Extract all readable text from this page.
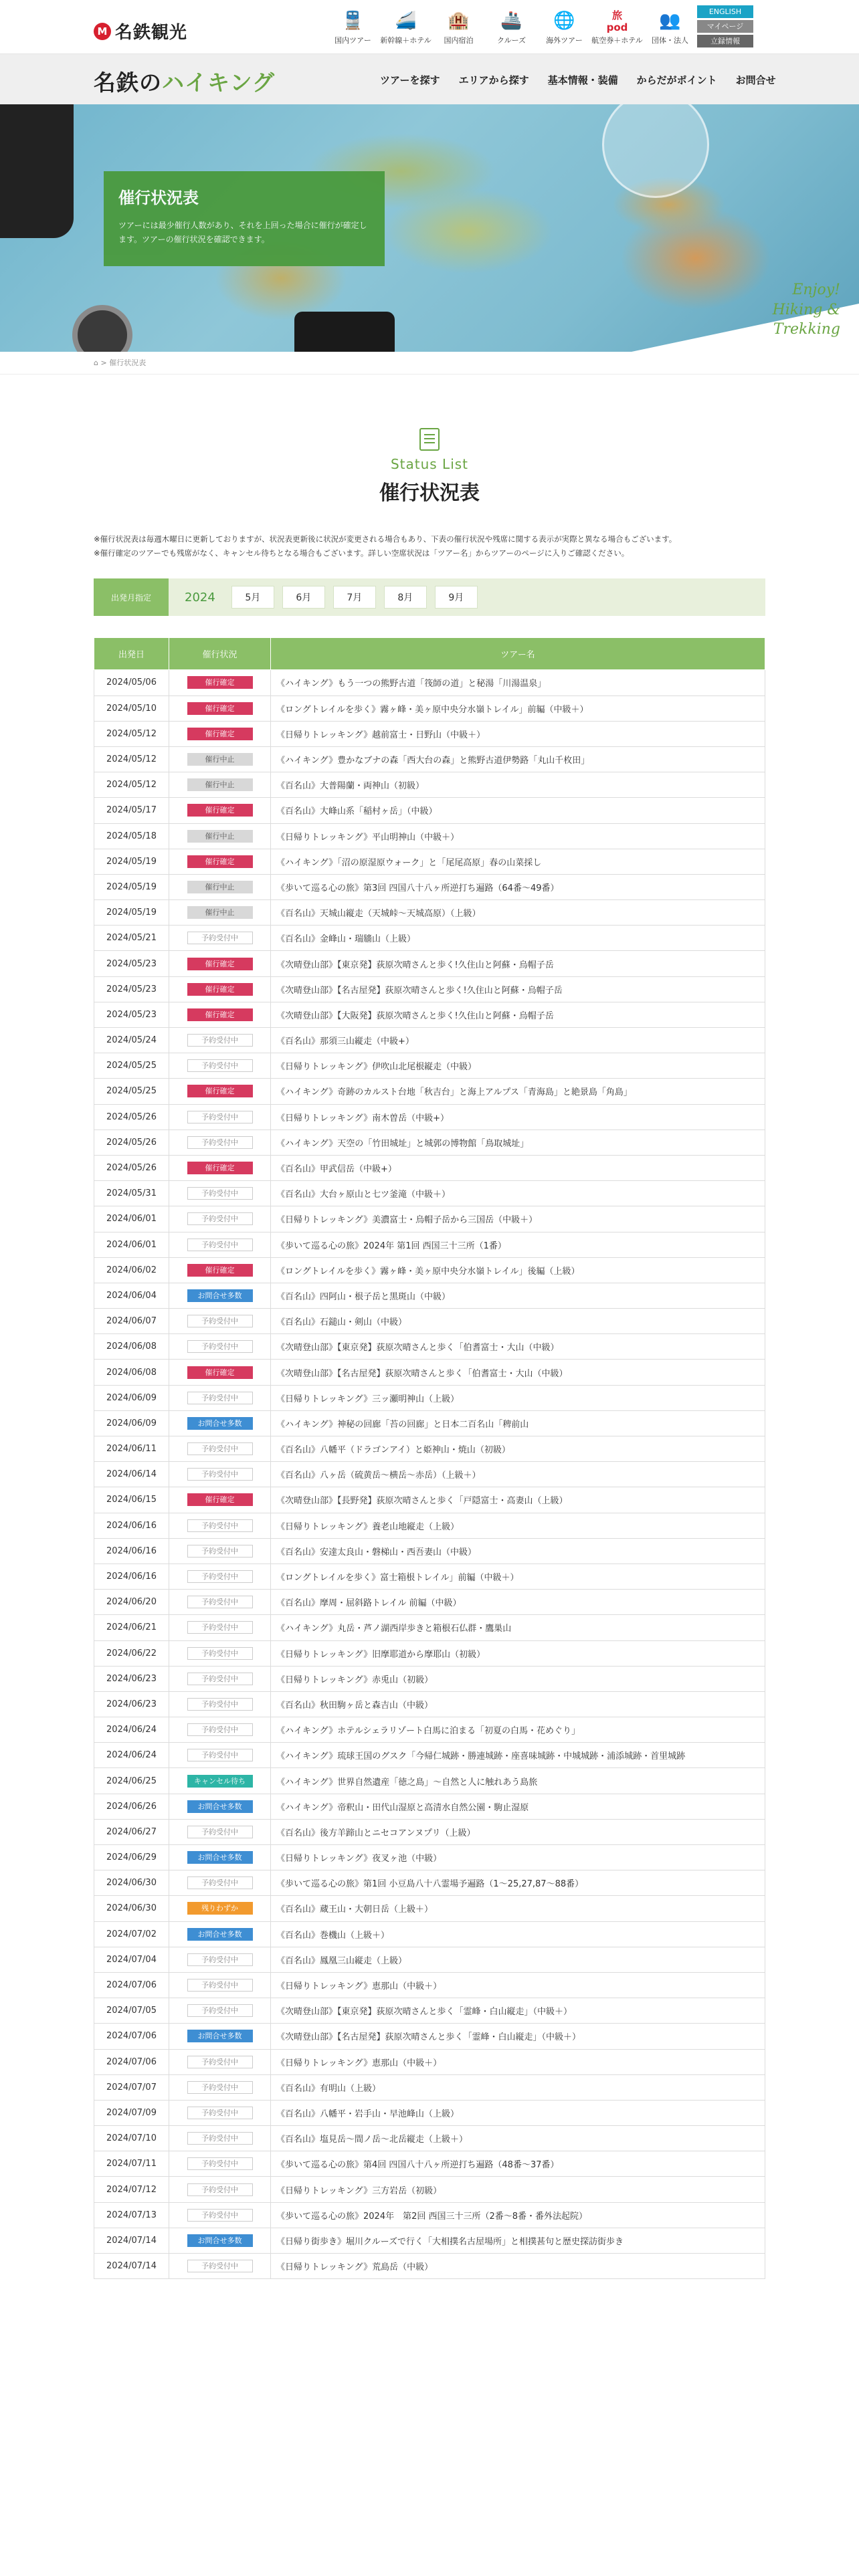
M 名鉄観光
🚆
国内ツアー
🚄
新幹線＋ホテル
🏨
国内宿泊
🚢
クルーズ
🌐
海外ツアー
旅pod
航空券＋ホテル
👥
団体・法人
ENGLISH
マイページ
立録情報
名鉄のハイキング	ツアーを探す エリアから探す 基本情報・装備 からだがポイント お問合せ
Enjoy!
Hiking & Trekking
催行状況表

ツアーには最少催行人数があり、それを上回った場合に催行が確定します。ツアーの催行状況を確認できます。

⌂ > 催行状況表
Status List
催行状況表

※催行状況表は毎週木曜日に更新しておりますが、状況表更新後に状況が変更される場合もあり、下表の催行状況や残席に関する表示が実際と異なる場合もございます。

※催行確定のツアーでも残席がなく、キャンセル待ちとなる場合もございます。詳しい空席状況は「ツアー名」からツアーのページに入りご確認ください。

出発月指定	2024	5月	6月	7月	8月	9月
出発日	催行状況	ツアー名
2024/05/06	催行確定	《ハイキング》もう一つの熊野古道「筏師の道」と秘湯「川湯温泉」
2024/05/10	催行確定	《ロングトレイルを歩く》霧ヶ峰・美ヶ原中央分水嶺トレイル」前編（中級＋）
2024/05/12	催行確定	《日帰りトレッキング》越前富士・日野山（中級＋）
2024/05/12	催行中止	《ハイキング》豊かなブナの森「西大台の森」と熊野古道伊勢路「丸山千枚田」
2024/05/12	催行中止	《百名山》大普陽蘭・両神山（初級）
2024/05/17	催行確定	《百名山》大峰山系「稲村ヶ岳」（中級）
2024/05/18	催行中止	《日帰りトレッキング》平山明神山（中級＋）
2024/05/19	催行確定	《ハイキング》「沼の原湿原ウォーク」と「尾尾高原」春の山菜採し
2024/05/19	催行中止	《歩いて巡る心の旅》第3回 四国八十八ヶ所逆打ち遍路（64番〜49番）
2024/05/19	催行中止	《百名山》天城山縦走（天城峠〜天城高原）（上級）
2024/05/21	予約受付中	《百名山》金峰山・瑞牆山（上級）
2024/05/23	催行確定	《次晴登山部》【東京発】荻原次晴さんと歩く!久住山と阿蘇・烏帽子岳
2024/05/23	催行確定	《次晴登山部》【名古屋発】荻原次晴さんと歩く!久住山と阿蘇・烏帽子岳
2024/05/23	催行確定	《次晴登山部》【大阪発】荻原次晴さんと歩く!久住山と阿蘇・烏帽子岳
2024/05/24	予約受付中	《百名山》那須三山縦走（中級+）
2024/05/25	予約受付中	《日帰りトレッキング》伊吹山北尾根縦走（中級）
2024/05/25	催行確定	《ハイキング》奇跡のカルスト台地「秋吉台」と海上アルプス「青海島」と絶景島「角島」
2024/05/26	予約受付中	《日帰りトレッキング》南木曽岳（中級+）
2024/05/26	予約受付中	《ハイキング》天空の「竹田城址」と城郭の博物館「鳥取城址」
2024/05/26	催行確定	《百名山》甲武信岳（中級+）
2024/05/31	予約受付中	《百名山》大台ヶ原山と七ツ釜滝（中級＋）
2024/06/01	予約受付中	《日帰りトレッキング》美濃富士・烏帽子岳から三国岳（中級＋）
2024/06/01	予約受付中	《歩いて巡る心の旅》2024年 第1回 西国三十三所（1番）
2024/06/02	催行確定	《ロングトレイルを歩く》霧ヶ峰・美ヶ原中央分水嶺トレイル」後編（上級）
2024/06/04	お問合せ多数	《百名山》四阿山・根子岳と黒斑山（中級）
2024/06/07	予約受付中	《百名山》石鎚山・剣山（中級）
2024/06/08	予約受付中	《次晴登山部》【東京発】荻原次晴さんと歩く「伯耆富士・大山（中級）
2024/06/08	催行確定	《次晴登山部》【名古屋発】荻原次晴さんと歩く「伯耆富士・大山（中級）
2024/06/09	予約受付中	《日帰りトレッキング》三ッ瀬明神山（上級）
2024/06/09	お問合せ多数	《ハイキング》神秘の回廊「苔の回廊」と日本二百名山「稗前山
2024/06/11	予約受付中	《百名山》八幡平（ドラゴンアイ）と姫神山・焼山（初級）
2024/06/14	予約受付中	《百名山》八ヶ岳（硫黄岳〜横岳〜赤岳）（上級＋）
2024/06/15	催行確定	《次晴登山部》【長野発】荻原次晴さんと歩く「戸隠富士・高妻山（上級）
2024/06/16	予約受付中	《日帰りトレッキング》養老山地縦走（上級）
2024/06/16	予約受付中	《百名山》安達太良山・磐梯山・西吾妻山（中級）
2024/06/16	予約受付中	《ロングトレイルを歩く》富士箱根トレイル」前編（中級＋）
2024/06/20	予約受付中	《百名山》摩周・屈斜路トレイル 前編（中級）
2024/06/21	予約受付中	《ハイキング》丸岳・芦ノ湖西岸歩きと箱根石仏群・鷹巣山
2024/06/22	予約受付中	《日帰りトレッキング》旧摩耶道から摩耶山（初級）
2024/06/23	予約受付中	《日帰りトレッキング》赤兎山（初級）
2024/06/23	予約受付中	《百名山》秋田駒ヶ岳と森吉山（中級）
2024/06/24	予約受付中	《ハイキング》ホテルシェラリゾート白馬に泊まる「初夏の白馬・花めぐり」
2024/06/24	予約受付中	《ハイキング》琉球王国のグスク「今帰仁城跡・勝連城跡・座喜味城跡・中城城跡・浦添城跡・首里城跡
2024/06/25	キャンセル待ち	《ハイキング》世界自然遺産「徳之島」〜自然と人に触れあう島旅
2024/06/26	お問合せ多数	《ハイキング》帝釈山・田代山湿原と高清水自然公園・駒止湿原
2024/06/27	予約受付中	《百名山》後方羊蹄山とニセコアンヌプリ（上級）
2024/06/29	お問合せ多数	《日帰りトレッキング》夜叉ヶ池（中級）
2024/06/30	予約受付中	《歩いて巡る心の旅》第1回 小豆島八十八霊場予遍路（1〜25,27,87〜88番）
2024/06/30	残りわずか	《百名山》蔵王山・大朝日岳（上級＋）
2024/07/02	お問合せ多数	《百名山》巻機山（上級＋）
2024/07/04	予約受付中	《百名山》鳳凰三山縦走（上級）
2024/07/06	予約受付中	《日帰りトレッキング》恵那山（中級＋）
2024/07/05	予約受付中	《次晴登山部》【東京発】荻原次晴さんと歩く「霊峰・白山縦走」（中級＋）
2024/07/06	お問合せ多数	《次晴登山部》【名古屋発】荻原次晴さんと歩く「霊峰・白山縦走」（中級＋）
2024/07/06	予約受付中	《日帰りトレッキング》恵那山（中級＋）
2024/07/07	予約受付中	《百名山》有明山（上級）
2024/07/09	予約受付中	《百名山》八幡平・岩手山・早池峰山（上級）
2024/07/10	予約受付中	《百名山》塩見岳〜間ノ岳〜北岳縦走（上級＋）
2024/07/11	予約受付中	《歩いて巡る心の旅》第4回 四国八十八ヶ所逆打ち遍路（48番〜37番）
2024/07/12	予約受付中	《日帰りトレッキング》三方岩岳（初級）
2024/07/13	予約受付中	《歩いて巡る心の旅》2024年　第2回 西国三十三所（2番〜8番・番外法起院）
2024/07/14	お問合せ多数	《日帰り街歩き》堀川クルーズで行く「大相撲名古屋場所」と相撲甚句と歴史探訪街歩き
2024/07/14	予約受付中	《日帰りトレッキング》荒島岳（中級）
